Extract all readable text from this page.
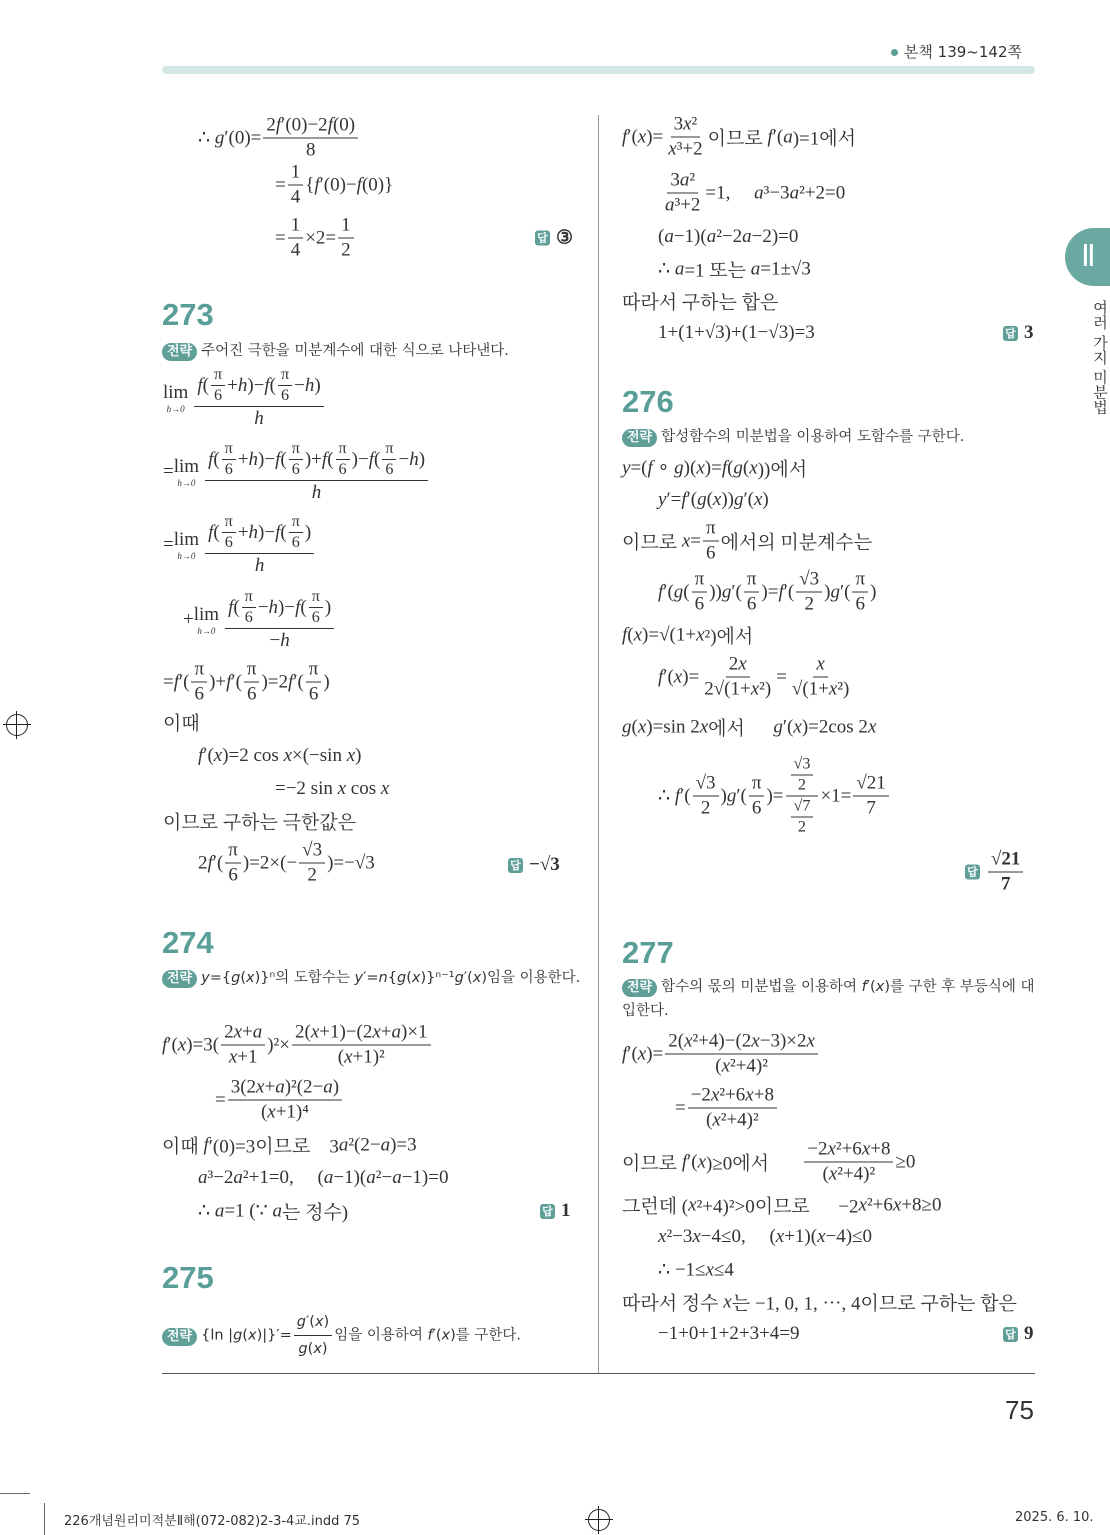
본책 139~142쪽
Ⅱ
여러 가지 미분법
75
∴ g $'(0)= \frac{2 f '(0)-2 f (0)}{8}$
= $\frac{1}{4}$ { f ′(0)− f (0)}
= $\frac{1}{4} \times 2= \frac{1}{2}$
lim
$h\to 0 \frac{f ( \frac{\pi}{6} + h )- f ( \frac{\pi}{6} - h )}{h}$
= lim
$h\to 0 \frac{f ( \frac{\pi}{6} + h )- f ( \frac{\pi}{6} )+ f ( \frac{\pi}{6} )- f ( \frac{\pi}{6} - h )}{h}$
= lim
$h\to 0 \frac{f ( \frac{\pi}{6} + h )- f ( \frac{\pi}{6} )}{h}$
+ lim
$h\to 0 \frac{f ( \frac{\pi}{6} - h )- f ( \frac{\pi}{6} )}{- h}$
= f ′( $\frac{\pi}{6}$ )+ f ′( $\frac{\pi}{6} )=2$ f ′( $\frac{\pi}{6}$ )
이때
f ′( x )=2 cos x ×(−sin x )
=−2 sin x cos x
이므로 구하는 극한값은
2 f ′( $\frac{\pi}{6} )=2\times(- \frac{√3}{2} )=-√3$
f ′( x )$=3( \frac{2 x + a}{x +1} )^2\times \frac{2( x +1)-(2 x + a )\times 1}{\text{( x +1)²}}$
= $\frac{\text{3(2 x + a )²(2− a )}}{\text{( x +1)⁴}}$
이때 f ′(0)=3이므로    3 a ²(2− a )=3
a ³−2 a ²+1=0,     ( a −1)( a ²− a −1)=0
∴ a =1 (∵ a 는 정수)
답 ③
답 −√3
답 1
273
전략 주어진 극한을 미분계수에 대한 식으로 나타낸다.
274
전략 y={g(x)}ⁿ의 도함수는 y′=n{g(x)}ⁿ⁻¹g′(x)임을 이용한다.
275
전략 {ln $|g(x)|\}'= \frac{g '( x )}{g ( x )}$ 임을 이용하여 f′(x)를 구한다.
f ′( x )= $\frac{\text{3 x ²}}{\text{x ³+2}}$ 이므로 f ′( a )=1에서
$\frac{\text{3 a ²}}{\text{a ³+2}} =1$, a ³−3 a ²+2=0
( a −1)( a ²−2 a −2)=0
∴ a =1 또는 a =1±√3
따라서 구하는 합은
1+(1+√3)+(1−√3)=3
y =( f ∘ g )( x )= f ( g ( x ))에서
y ′= f ′( g ( x )) g ′( x )
이므로 $x = \frac{\pi}{6}$ 에서의 미분계수는
f ′( g ( $\frac{\pi}{6}$ )) g ′( $\frac{\pi}{6}$ )= f ′( $\frac{√3}{2}$ ) g ′( $\frac{\pi}{6}$ )
f ( x )=√(1+ x ²)에서
f ′( x )= $\frac{2 x}{\text{2√(1+ x ²)}} = \frac{x}{\text{√(1+ x ²)}}$
g ( x )=sin 2 x 에서 g ′( x )=2cos 2 x
∴ f ′( $\frac{√3}{2}$ ) g ′( $\frac{\pi}{6}$ )= $\frac{\frac{√3}{2}}{\frac{√7}{2}} \times 1= \frac{√21}{7}$
f ′( x )= $\frac{\text{2( x ²+4)−(2 x −3)×2 x}}{\text{( x ²+4)²}}$
= $\frac{\text{−2 x ²+6 x +8}}{\text{( x ²+4)²}}$
이므로 f ′( x )≥0에서 $\frac{\text{−2 x ²+6 x +8}}{\text{( x ²+4)²}} \ge 0$
그런데 ( x ²+4)²>0이므로      −2 x ²+6 x +8≥0
x ²−3 x −4≤0,     ( x +1)( x −4)≤0
∴ −1≤ x ≤4
따라서 정수 x 는 −1, 0, 1, ⋯, 4이므로 구하는 합은
−1+0+1+2+3+4=9
답 3
답 $\frac{√21}{7}$
답 9
276
전략 합성함수의 미분법을 이용하여 도함수를 구한다.
277
전략 함수의 몫의 미분법을 이용하여 f′(x)를 구한 후 부등식에 대입한다.
226개념원리미적분Ⅱ해(072-082)2-3-4교.indd 75	2025. 6. 10.
